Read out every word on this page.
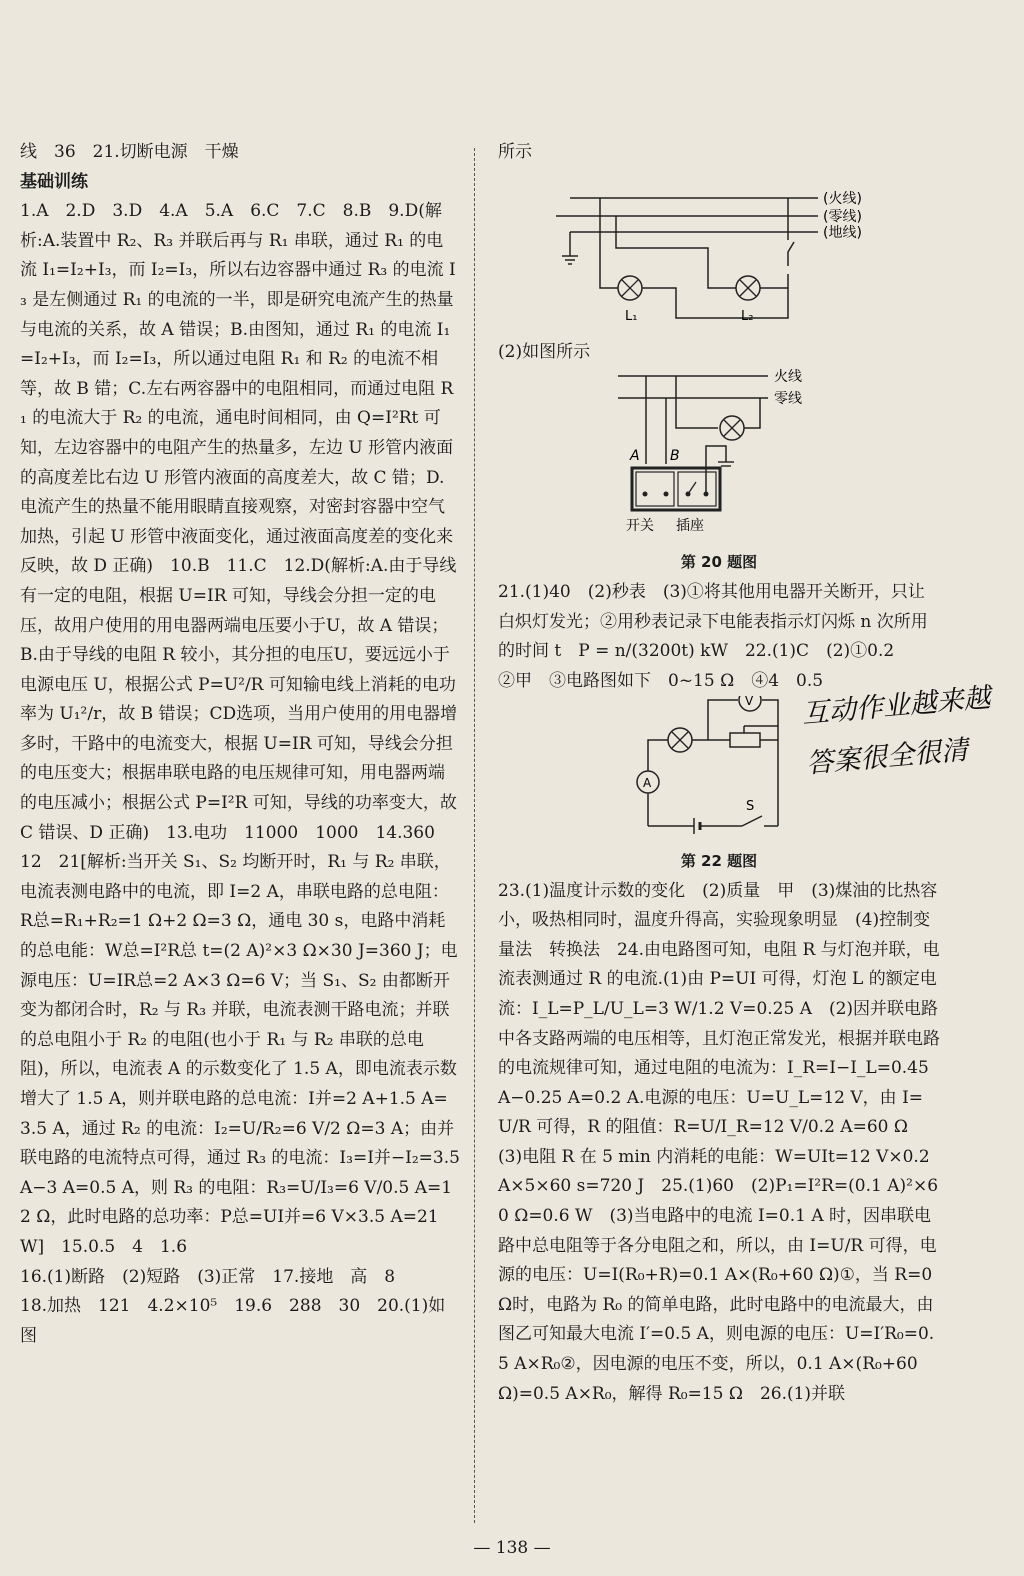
线　36　21.切断电源　干燥

基础训练

1.A　2.D　3.D　4.A　5.A　6.C　7.C　8.B　9.D(解析:A.装置中 R₂、R₃ 并联后再与 R₁ 串联，通过 R₁ 的电流 I₁=I₂+I₃，而 I₂=I₃，所以右边容器中通过 R₃ 的电流 I₃ 是左侧通过 R₁ 的电流的一半，即是研究电流产生的热量与电流的关系，故 A 错误；B.由图知，通过 R₁ 的电流 I₁=I₂+I₃，而 I₂=I₃，所以通过电阻 R₁ 和 R₂ 的电流不相等，故 B 错；C.左右两容器中的电阻相同，而通过电阻 R₁ 的电流大于 R₂ 的电流，通电时间相同，由 Q=I²Rt 可知，左边容器中的电阻产生的热量多，左边 U 形管内液面的高度差比右边 U 形管内液面的高度差大，故 C 错；D.电流产生的热量不能用眼睛直接观察，对密封容器中空气加热，引起 U 形管中液面变化，通过液面高度差的变化来反映，故 D 正确)　10.B　11.C　12.D(解析:A.由于导线有一定的电阻，根据 U=IR 可知，导线会分担一定的电压，故用户使用的用电器两端电压要小于U，故 A 错误；B.由于导线的电阻 R 较小，其分担的电压U，要远远小于电源电压 U，根据公式 P=U²/R 可知输电线上消耗的电功率为 U₁²/r，故 B 错误；CD选项，当用户使用的用电器增多时，干路中的电流变大，根据 U=IR 可知，导线会分担的电压变大；根据串联电路的电压规律可知，用电器两端的电压减小；根据公式 P=I²R 可知，导线的功率变大，故 C 错误、D 正确)　13.电功　11000　1000　14.360　12　21[解析:当开关 S₁、S₂ 均断开时，R₁ 与 R₂ 串联，电流表测电路中的电流，即 I=2 A，串联电路的总电阻：R总=R₁+R₂=1 Ω+2 Ω=3 Ω，通电 30 s，电路中消耗的总电能：W总=I²R总 t=(2 A)²×3 Ω×30 J=360 J；电源电压：U=IR总=2 A×3 Ω=6 V；当 S₁、S₂ 由都断开变为都闭合时，R₂ 与 R₃ 并联，电流表测干路电流；并联的总电阻小于 R₂ 的电阻(也小于 R₁ 与 R₂ 串联的总电阻)，所以，电流表 A 的示数变化了 1.5 A，即电流表示数增大了 1.5 A，则并联电路的总电流：I并=2 A+1.5 A=3.5 A，通过 R₂ 的电流：I₂=U/R₂=6 V/2 Ω=3 A；由并联电路的电流特点可得，通过 R₃ 的电流：I₃=I并−I₂=3.5 A−3 A=0.5 A，则 R₃ 的电阻：R₃=U/I₃=6 V/0.5 A=12 Ω，此时电路的总功率：P总=UI并=6 V×3.5 A=21 W]　15.0.5　4　1.6

16.(1)断路　(2)短路　(3)正常　17.接地　高　8

18.加热　121　4.2×10⁵　19.6　288　30　20.(1)如图

所示

(火线)
(零线)
(地线)
L₁	L₂

(2)如图所示

火线
零线
A B
开关 插座

第 20 题图

21.(1)40　(2)秒表　(3)①将其他用电器开关断开，只让白炽灯发光；②用秒表记录下电能表指示灯闪烁 n 次所用的时间 t　P = n/(3200t) kW　22.(1)C　(2)①0.2

②甲　③电路图如下　0~15 Ω　④4　0.5

V
A
S

第 22 题图

23.(1)温度计示数的变化　(2)质量　甲　(3)煤油的比热容小，吸热相同时，温度升得高，实验现象明显　(4)控制变量法　转换法　24.由电路图可知，电阻 R 与灯泡并联，电流表测通过 R 的电流.(1)由 P=UI 可得，灯泡 L 的额定电流：I_L=P_L/U_L=3 W/1.2 V=0.25 A　(2)因并联电路中各支路两端的电压相等，且灯泡正常发光，根据并联电路的电流规律可知，通过电阻的电流为：I_R=I−I_L=0.45 A−0.25 A=0.2 A.电源的电压：U=U_L=12 V，由 I=U/R 可得，R 的阻值：R=U/I_R=12 V/0.2 A=60 Ω　(3)电阻 R 在 5 min 内消耗的电能：W=UIt=12 V×0.2 A×5×60 s=720 J　25.(1)60　(2)P₁=I²R=(0.1 A)²×60 Ω=0.6 W　(3)当电路中的电流 I=0.1 A 时，因串联电路中总电阻等于各分电阻之和，所以，由 I=U/R 可得，电源的电压：U=I(R₀+R)=0.1 A×(R₀+60 Ω)①，当 R=0 Ω时，电路为 R₀ 的简单电路，此时电路中的电流最大，由图乙可知最大电流 I′=0.5 A，则电源的电压：U=I′R₀=0.5 A×R₀②，因电源的电压不变，所以，0.1 A×(R₀+60 Ω)=0.5 A×R₀，解得 R₀=15 Ω　26.(1)并联

互动作业越来越
答案很全很清
— 138 —
